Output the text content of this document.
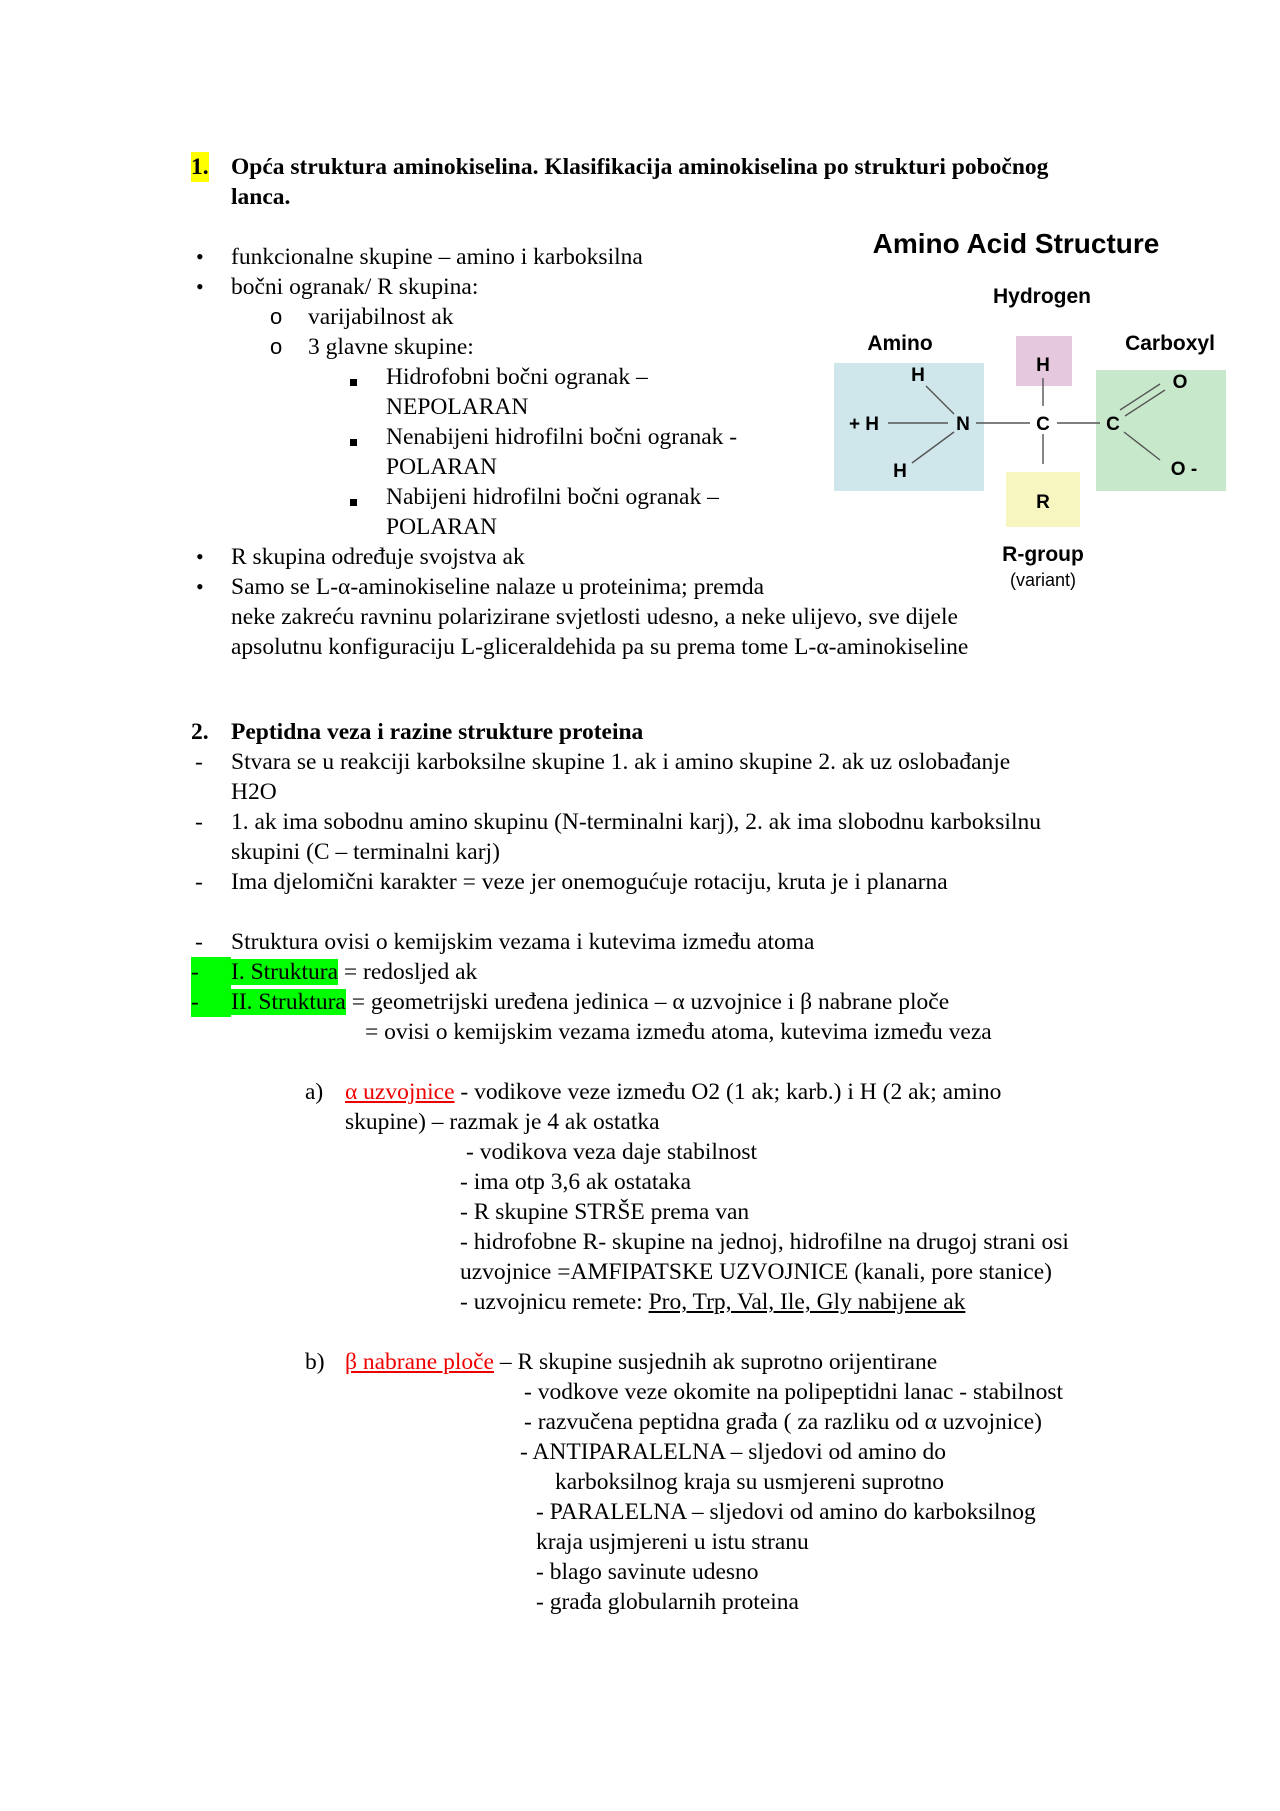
1. Opća struktura aminokiselina. Klasifikacija aminokiselina po strukturi pobočnog
lanca.
• funkcionalne skupine – amino i karboksilna
• bočni ogranak/ R skupina:
o varijabilnost ak
o 3 glavne skupine:
Hidrofobni bočni ogranak –
NEPOLARAN
Nenabijeni hidrofilni bočni ogranak -
POLARAN
Nabijeni hidrofilni bočni ogranak –
POLARAN
• R skupina određuje svojstva ak
• Samo se L-α-aminokiseline nalaze u proteinima; premda
neke zakreću ravninu polarizirane svjetlosti udesno, a neke ulijevo, sve dijele
apsolutnu konfiguraciju L-gliceraldehida pa su prema tome L-α-aminokiseline
Amino Acid Structure
Hydrogen
Amino	Carboxyl
H
+ H
H
N
H
C	C
O
O -
R
R-group
(variant)
2. Peptidna veza i razine strukture proteina
- Stvara se u reakciji karboksilne skupine 1. ak i amino skupine 2. ak uz oslobađanje
H2O
- 1. ak ima sobodnu amino skupinu (N-terminalni karj), 2. ak ima slobodnu karboksilnu
skupini (C – terminalni karj)
- Ima djelomični karakter = veze jer onemogućuje rotaciju, kruta je i planarna
- Struktura ovisi o kemijskim vezama i kutevima između atoma
-	I. Struktura = redosljed ak
-	II. Struktura = geometrijski uređena jedinica – α uzvojnice i β nabrane ploče
= ovisi o kemijskim vezama između atoma, kutevima između veza
a) α uzvojnice - vodikove veze između O2 (1 ak; karb.) i H (2 ak; amino
skupine) – razmak je 4 ak ostatka
- vodikova veza daje stabilnost
- ima otp 3,6 ak ostataka
- R skupine STRŠE prema van
- hidrofobne R- skupine na jednoj, hidrofilne na drugoj strani osi
uzvojnice =AMFIPATSKE UZVOJNICE (kanali, pore stanice)
- uzvojnicu remete: Pro, Trp, Val, Ile, Gly nabijene ak
b) β nabrane ploče – R skupine susjednih ak suprotno orijentirane
- vodkove veze okomite na polipeptidni lanac - stabilnost
- razvučena peptidna građa ( za razliku od α uzvojnice)
- ANTIPARALELNA – sljedovi od amino do
karboksilnog kraja su usmjereni suprotno
- PARALELNA – sljedovi od amino do karboksilnog
kraja usjmjereni u istu stranu
- blago savinute udesno
- građa globularnih proteina
